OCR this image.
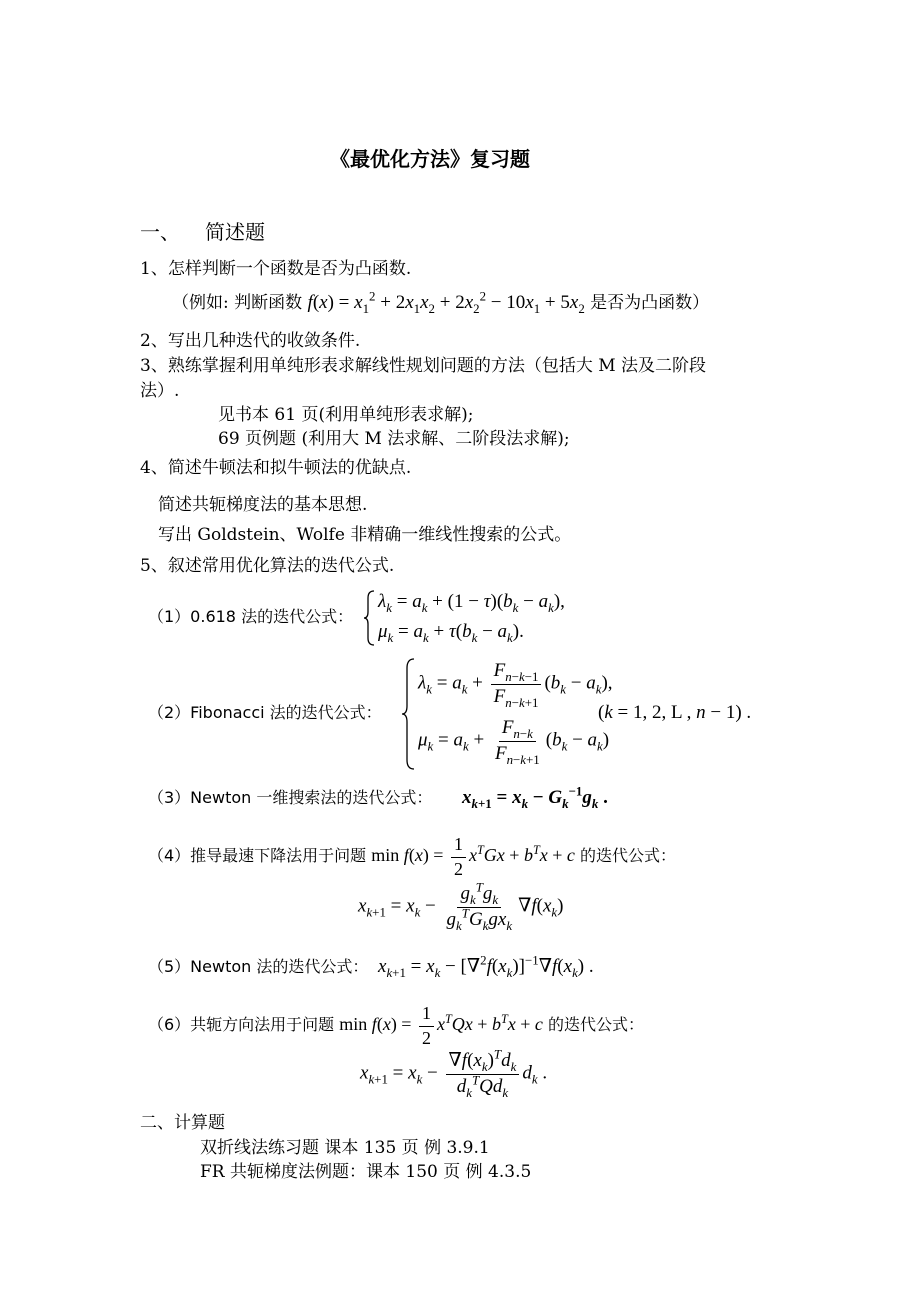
《最优化方法》复习题
一、 简述题
1、怎样判断一个函数是否为凸函数.
（例如: 判断函数 $f(x) = x_1^2 + 2x_1x_2 + 2x_2^2 - 10x_1 + 5x_2$ 是否为凸函数）
2、写出几种迭代的收敛条件.
3、熟练掌握利用单纯形表求解线性规划问题的方法（包括大 M 法及二阶段
法）.
见书本 61 页(利用单纯形表求解);
69 页例题 (利用大 M 法求解、二阶段法求解);
4、简述牛顿法和拟牛顿法的优缺点.
简述共轭梯度法的基本思想.
写出 Goldstein、Wolfe 非精确一维线性搜索的公式。
5、叙述常用优化算法的迭代公式.
（1）0.618 法的迭代公式：
$\lambda_k = a_k + (1 - \tau)(b_k - a_k)$,
$\mu_k = a_k + \tau(b_k - a_k)$.
（2）Fibonacci 法的迭代公式：
$\lambda_k = a_k + \frac{F_{n-k-1}}{F_{n-k+1}} (b_k - a_k)$,
$\mu_k = a_k + \frac{F_{n-k}}{F_{n-k+1}} (b_k - a_k)$
(k = 1, 2, L , n − 1) .
（3）Newton 一维搜索法的迭代公式： $x_{k+1} = x_k - G_k^{-1}g_k$ .
（4）推导最速下降法用于问题 $\min f(x) = \frac{1}{2} x^TGx + b^Tx + c$ 的迭代公式：
$x_{k+1} = x_k - \frac{g_k^Tg_k}{g_k^TG_kgx_k} \nabla f(x_k)$
（5）Newton 法的迭代公式： $x_{k+1} = x_k - [\nabla^2f(x_k)]^{-1}\nabla f(x_k)$ .
（6）共轭方向法用于问题 $\min f(x) = \frac{1}{2} x^TQx + b^Tx + c$ 的迭代公式：
$x_{k+1} = x_k - \frac{\nabla f(x_k)^Td_k}{d_k^TQd_k} d_k$ .
二、计算题
双折线法练习题 课本 135 页 例 3.9.1
FR 共轭梯度法例题：课本 150 页 例 4.3.5
